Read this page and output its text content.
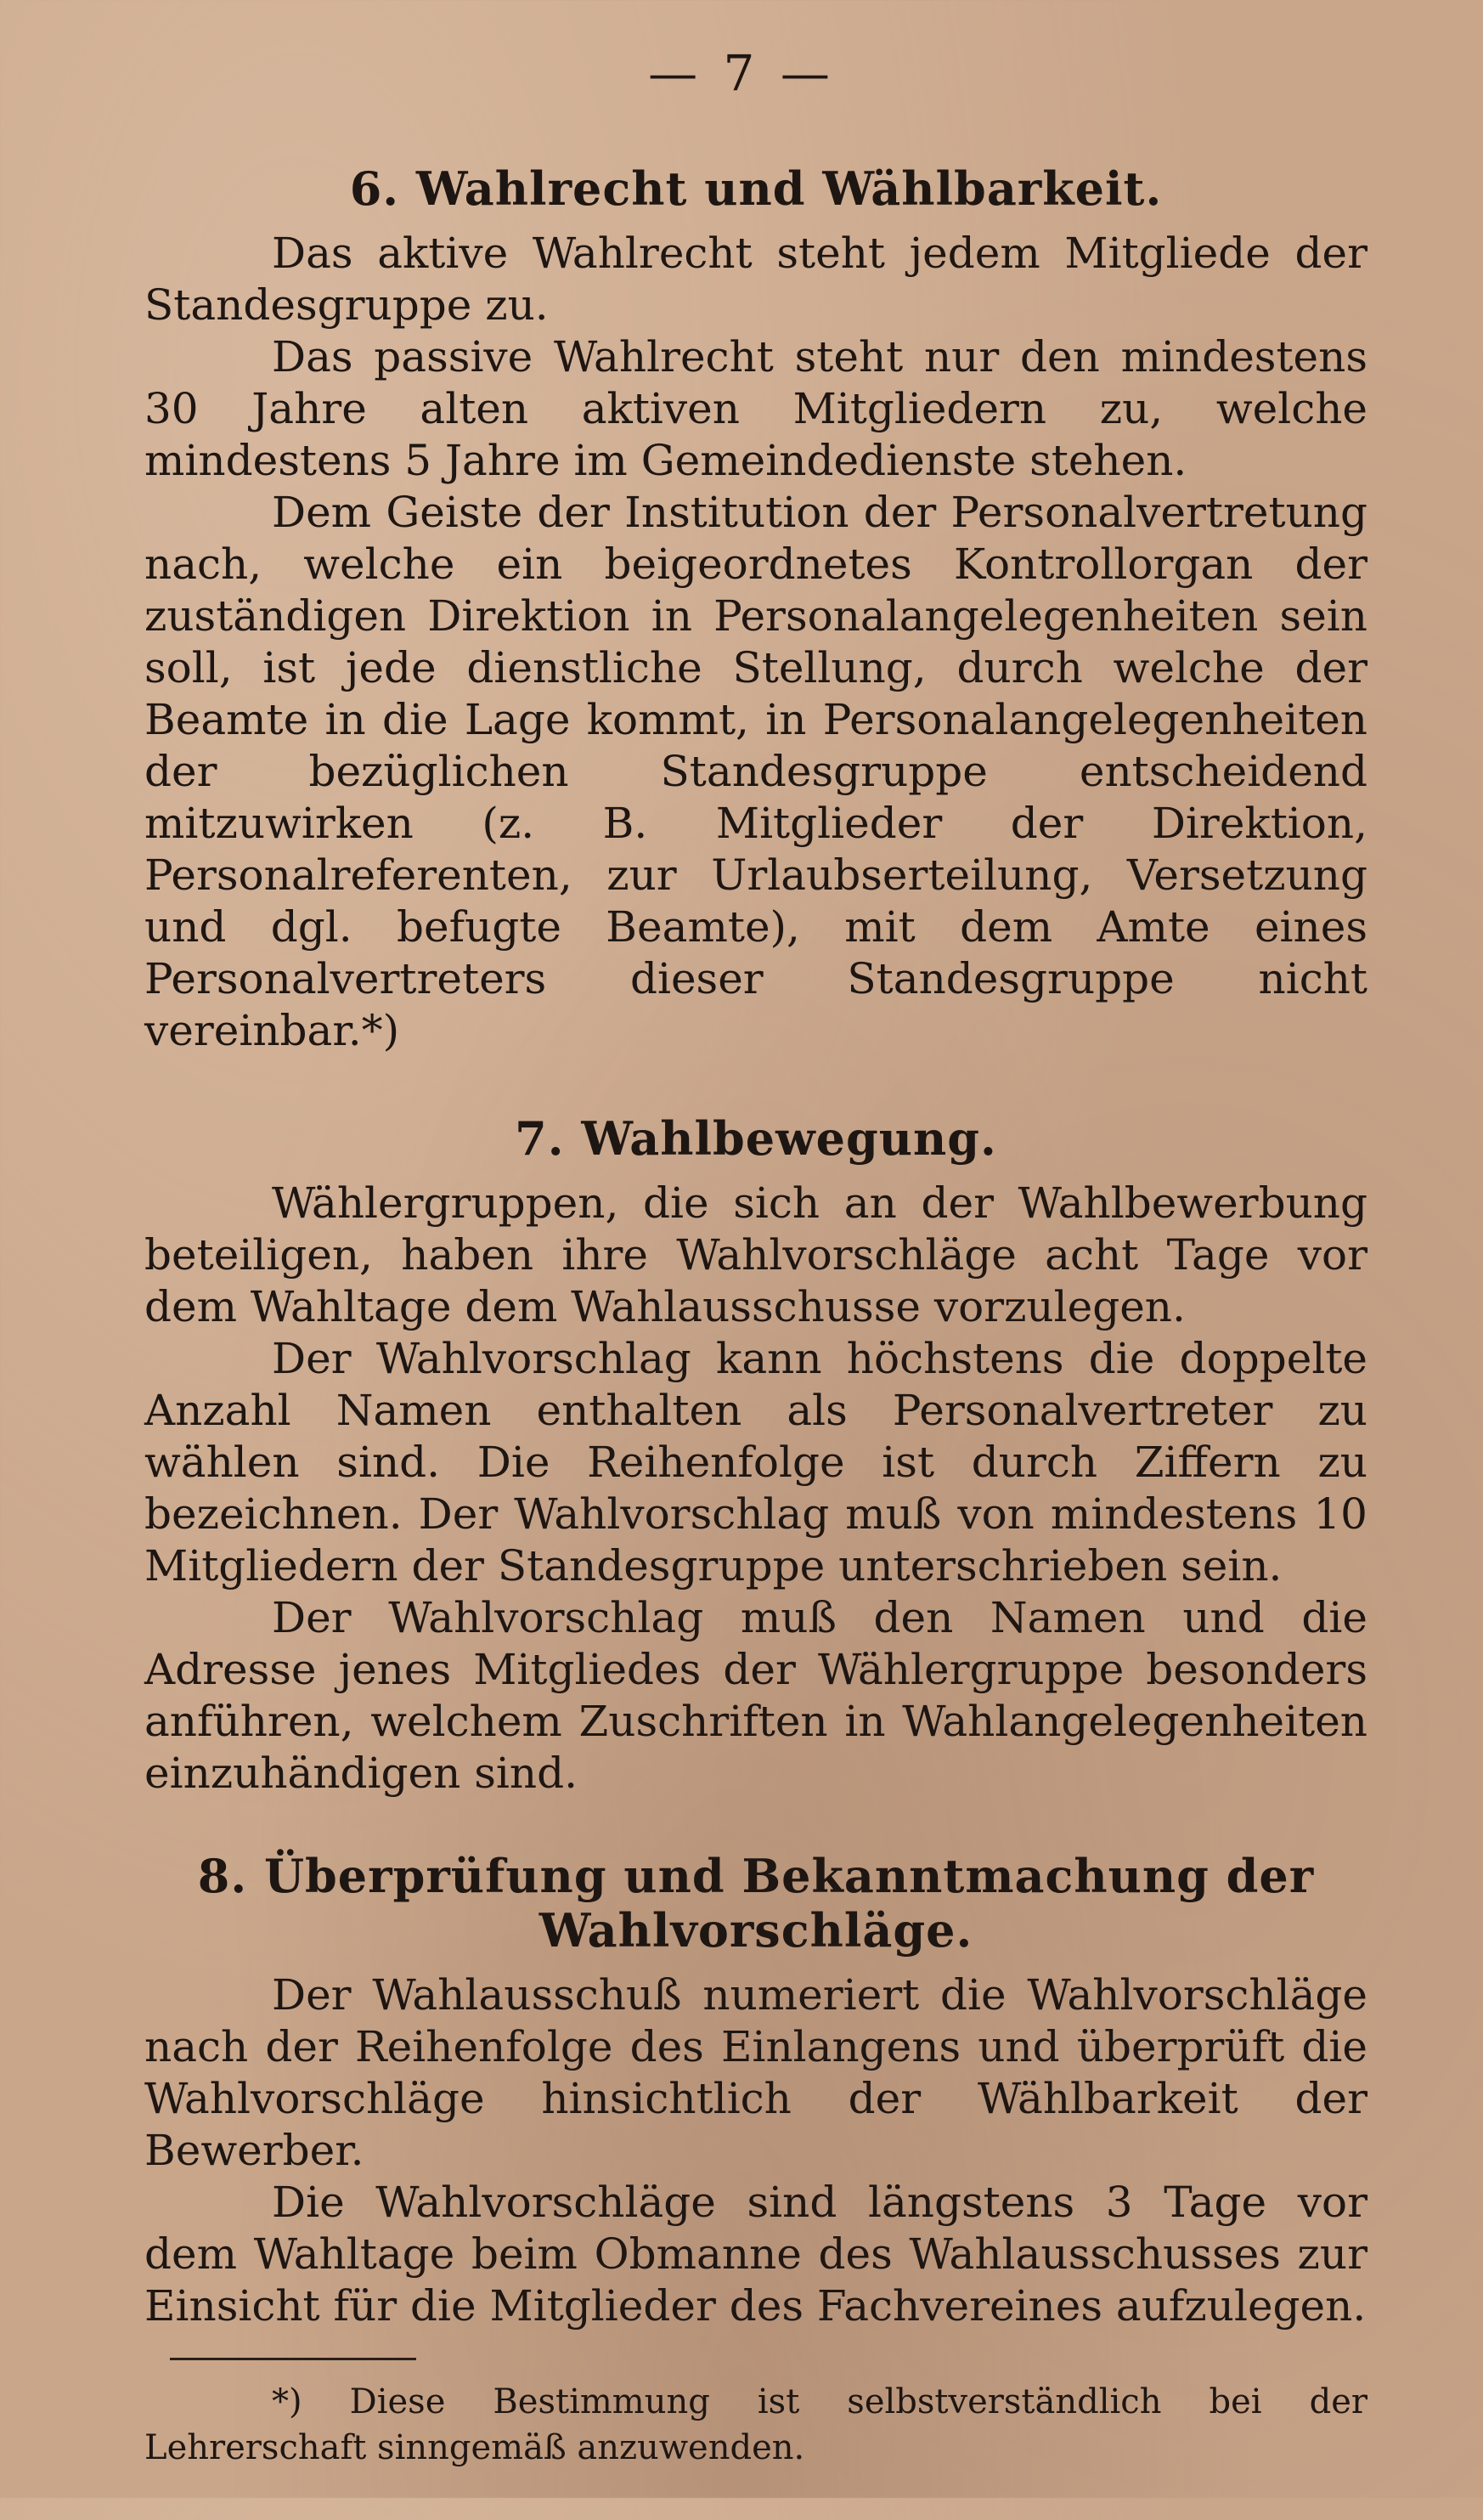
— 7 —
6. Wahlrecht und Wählbarkeit.

Das aktive Wahlrecht steht jedem Mitgliede der Standesgruppe zu.

Das passive Wahlrecht steht nur den mindestens 30 Jahre alten aktiven Mitgliedern zu, welche mindestens 5 Jahre im Gemeindedienste stehen.

Dem Geiste der Institution der Personalvertretung nach, welche ein beigeordnetes Kontrollorgan der zuständigen Direktion in Personalangelegenheiten sein soll, ist jede dienstliche Stellung, durch welche der Beamte in die Lage kommt, in Personalangelegenheiten der bezüglichen Standesgruppe entscheidend mitzuwirken (z. B. Mitglieder der Direktion, Personalreferenten, zur Urlaubserteilung, Versetzung und dgl. befugte Beamte), mit dem Amte eines Personalvertreters dieser Standesgruppe nicht vereinbar.*)

7. Wahlbewegung.

Wählergruppen, die sich an der Wahlbewerbung beteiligen, haben ihre Wahlvorschläge acht Tage vor dem Wahltage dem Wahlausschusse vorzulegen.

Der Wahlvorschlag kann höchstens die doppelte Anzahl Namen enthalten als Personalvertreter zu wählen sind. Die Reihenfolge ist durch Ziffern zu bezeichnen. Der Wahlvorschlag muß von mindestens 10 Mitgliedern der Standesgruppe unterschrieben sein.

Der Wahlvorschlag muß den Namen und die Adresse jenes Mitgliedes der Wählergruppe besonders anführen, welchem Zuschriften in Wahlangelegenheiten einzuhändigen sind.

8. Überprüfung und Bekanntmachung der
Wahlvorschläge.

Der Wahlausschuß numeriert die Wahlvorschläge nach der Reihenfolge des Einlangens und überprüft die Wahlvorschläge hinsichtlich der Wählbarkeit der Bewerber.

Die Wahlvorschläge sind längstens 3 Tage vor dem Wahltage beim Obmanne des Wahlausschusses zur Einsicht für die Mitglieder des Fachvereines aufzulegen.

*) Diese Bestimmung ist selbstverständlich bei der Lehrerschaft sinngemäß anzuwenden.
